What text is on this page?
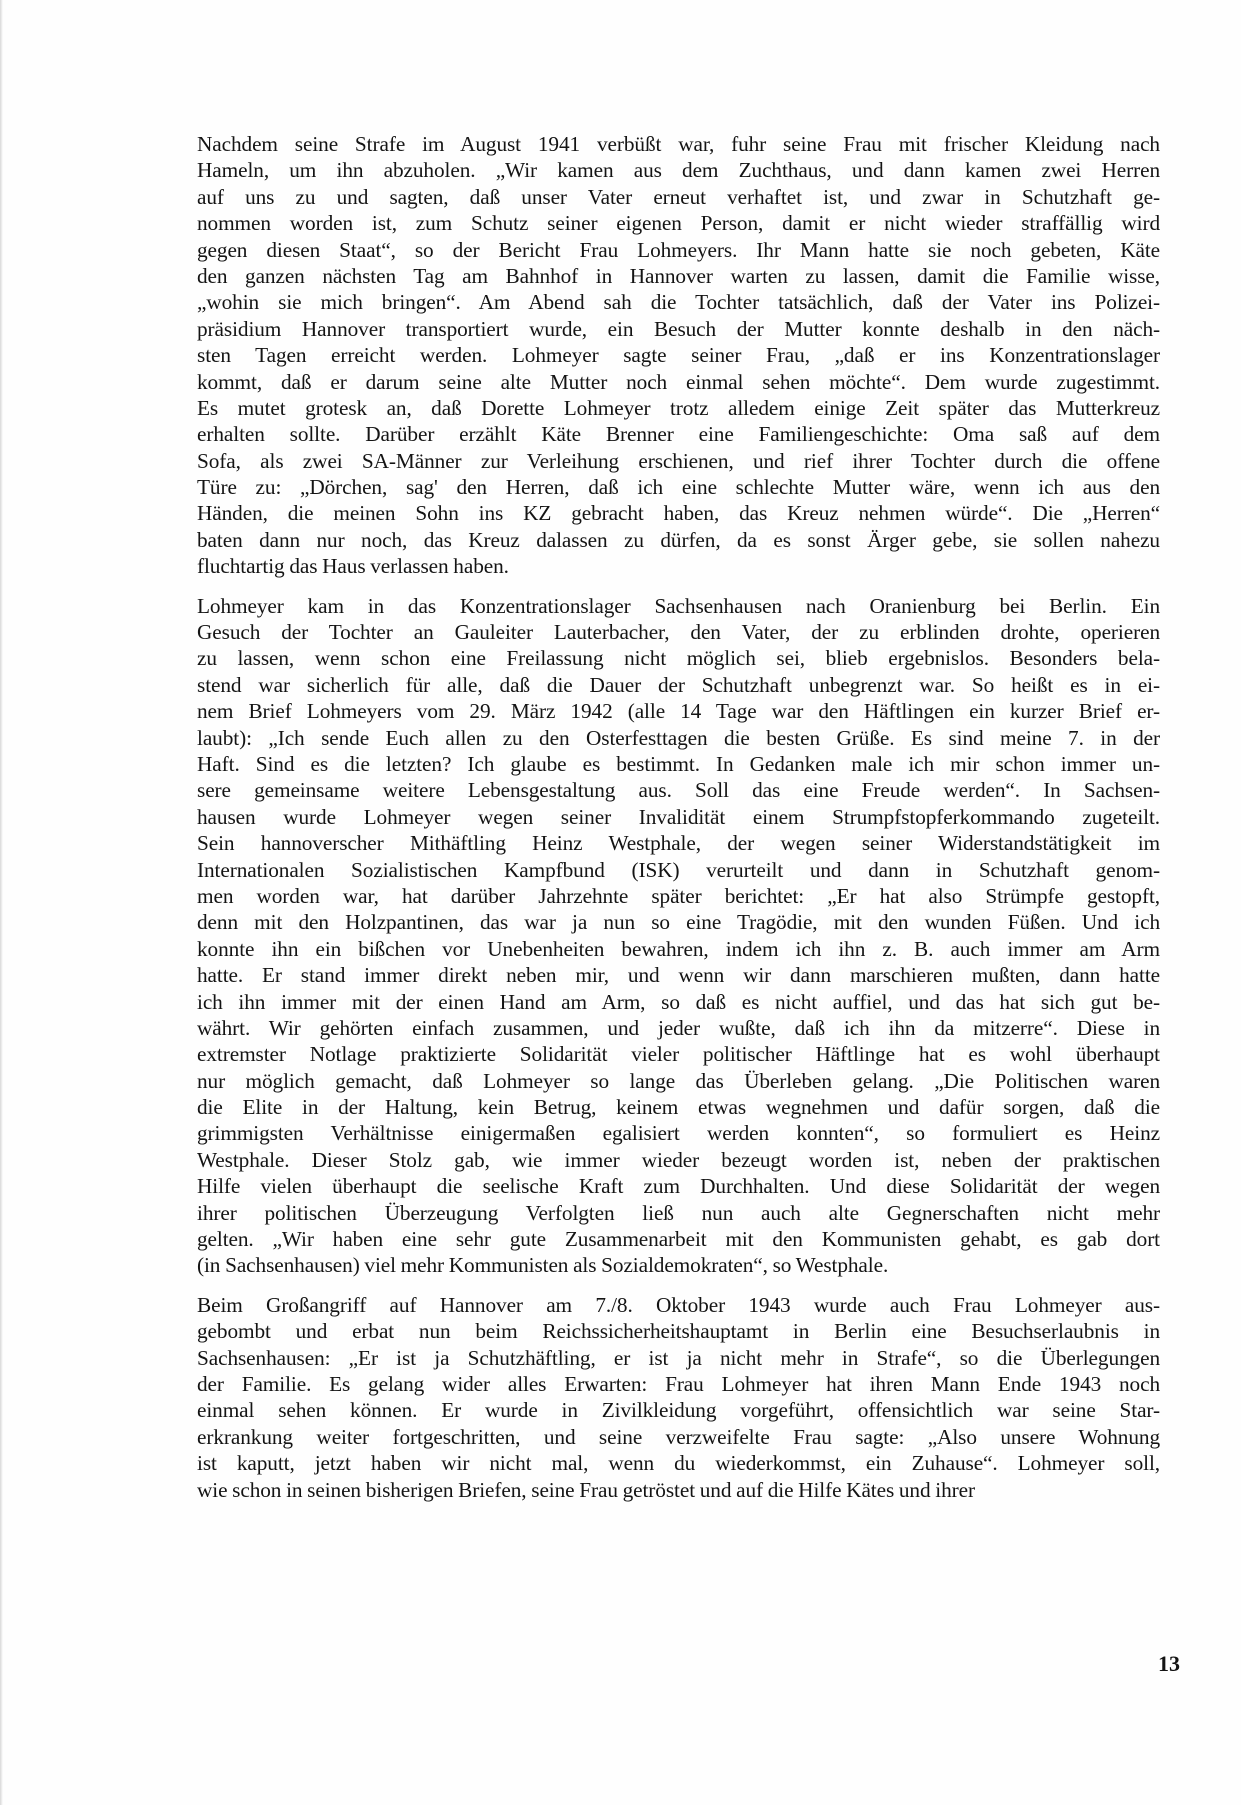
Nachdem seine Strafe im August 1941 verbüßt war, fuhr seine Frau mit frischer Kleidung nach
Hameln, um ihn abzuholen. „Wir kamen aus dem Zuchthaus, und dann kamen zwei Herren
auf uns zu und sagten, daß unser Vater erneut verhaftet ist, und zwar in Schutzhaft ge-
nommen worden ist, zum Schutz seiner eigenen Person, damit er nicht wieder straffällig wird
gegen diesen Staat“, so der Bericht Frau Lohmeyers. Ihr Mann hatte sie noch gebeten, Käte
den ganzen nächsten Tag am Bahnhof in Hannover warten zu lassen, damit die Familie wisse,
„wohin sie mich bringen“. Am Abend sah die Tochter tatsächlich, daß der Vater ins Polizei-
präsidium Hannover transportiert wurde, ein Besuch der Mutter konnte deshalb in den näch-
sten Tagen erreicht werden. Lohmeyer sagte seiner Frau, „daß er ins Konzentrationslager
kommt, daß er darum seine alte Mutter noch einmal sehen möchte“. Dem wurde zugestimmt.
Es mutet grotesk an, daß Dorette Lohmeyer trotz alledem einige Zeit später das Mutterkreuz
erhalten sollte. Darüber erzählt Käte Brenner eine Familiengeschichte: Oma saß auf dem
Sofa, als zwei SA-Männer zur Verleihung erschienen, und rief ihrer Tochter durch die offene
Türe zu: „Dörchen, sag' den Herren, daß ich eine schlechte Mutter wäre, wenn ich aus den
Händen, die meinen Sohn ins KZ gebracht haben, das Kreuz nehmen würde“. Die „Herren“
baten dann nur noch, das Kreuz dalassen zu dürfen, da es sonst Ärger gebe, sie sollen nahezu
fluchtartig das Haus verlassen haben.
Lohmeyer kam in das Konzentrationslager Sachsenhausen nach Oranienburg bei Berlin. Ein
Gesuch der Tochter an Gauleiter Lauterbacher, den Vater, der zu erblinden drohte, operieren
zu lassen, wenn schon eine Freilassung nicht möglich sei, blieb ergebnislos. Besonders bela-
stend war sicherlich für alle, daß die Dauer der Schutzhaft unbegrenzt war. So heißt es in ei-
nem Brief Lohmeyers vom 29. März 1942 (alle 14 Tage war den Häftlingen ein kurzer Brief er-
laubt): „Ich sende Euch allen zu den Osterfesttagen die besten Grüße. Es sind meine 7. in der
Haft. Sind es die letzten? Ich glaube es bestimmt. In Gedanken male ich mir schon immer un-
sere gemeinsame weitere Lebensgestaltung aus. Soll das eine Freude werden“. In Sachsen-
hausen wurde Lohmeyer wegen seiner Invalidität einem Strumpfstopferkommando zugeteilt.
Sein hannoverscher Mithäftling Heinz Westphale, der wegen seiner Widerstandstätigkeit im
Internationalen Sozialistischen Kampfbund (ISK) verurteilt und dann in Schutzhaft genom-
men worden war, hat darüber Jahrzehnte später berichtet: „Er hat also Strümpfe gestopft,
denn mit den Holzpantinen, das war ja nun so eine Tragödie, mit den wunden Füßen. Und ich
konnte ihn ein bißchen vor Unebenheiten bewahren, indem ich ihn z. B. auch immer am Arm
hatte. Er stand immer direkt neben mir, und wenn wir dann marschieren mußten, dann hatte
ich ihn immer mit der einen Hand am Arm, so daß es nicht auffiel, und das hat sich gut be-
währt. Wir gehörten einfach zusammen, und jeder wußte, daß ich ihn da mitzerre“. Diese in
extremster Notlage praktizierte Solidarität vieler politischer Häftlinge hat es wohl überhaupt
nur möglich gemacht, daß Lohmeyer so lange das Überleben gelang. „Die Politischen waren
die Elite in der Haltung, kein Betrug, keinem etwas wegnehmen und dafür sorgen, daß die
grimmigsten Verhältnisse einigermaßen egalisiert werden konnten“, so formuliert es Heinz
Westphale. Dieser Stolz gab, wie immer wieder bezeugt worden ist, neben der praktischen
Hilfe vielen überhaupt die seelische Kraft zum Durchhalten. Und diese Solidarität der wegen
ihrer politischen Überzeugung Verfolgten ließ nun auch alte Gegnerschaften nicht mehr
gelten. „Wir haben eine sehr gute Zusammenarbeit mit den Kommunisten gehabt, es gab dort
(in Sachsenhausen) viel mehr Kommunisten als Sozialdemokraten“, so Westphale.
Beim Großangriff auf Hannover am 7./8. Oktober 1943 wurde auch Frau Lohmeyer aus-
gebombt und erbat nun beim Reichssicherheitshauptamt in Berlin eine Besuchserlaubnis in
Sachsenhausen: „Er ist ja Schutzhäftling, er ist ja nicht mehr in Strafe“, so die Überlegungen
der Familie. Es gelang wider alles Erwarten: Frau Lohmeyer hat ihren Mann Ende 1943 noch
einmal sehen können. Er wurde in Zivilkleidung vorgeführt, offensichtlich war seine Star-
erkrankung weiter fortgeschritten, und seine verzweifelte Frau sagte: „Also unsere Wohnung
ist kaputt, jetzt haben wir nicht mal, wenn du wiederkommst, ein Zuhause“. Lohmeyer soll,
wie schon in seinen bisherigen Briefen, seine Frau getröstet und auf die Hilfe Kätes und ihrer
13
